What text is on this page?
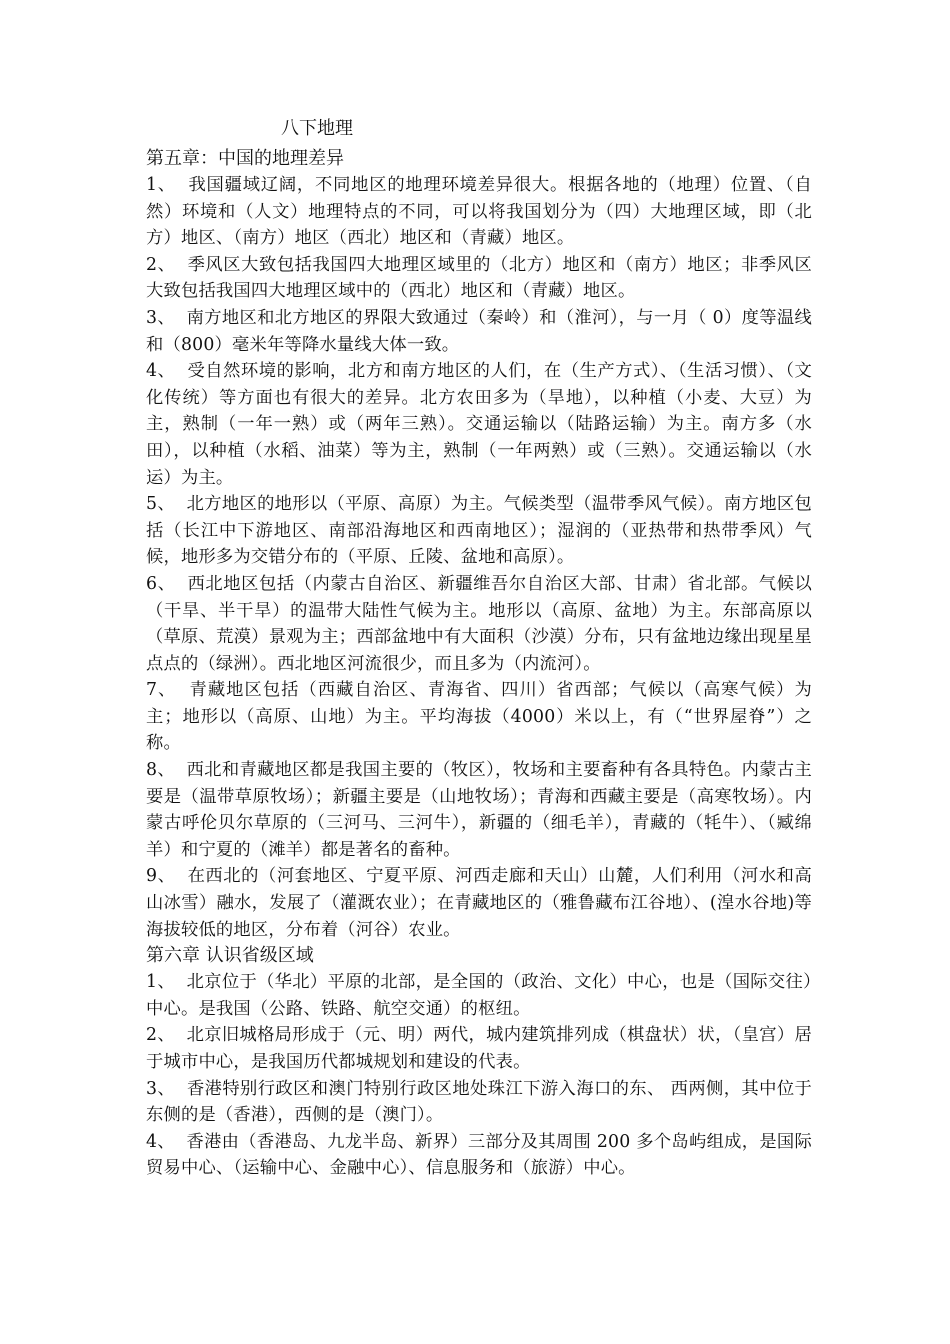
八下地理

第五章：中国的地理差异

1、 我国疆域辽阔，不同地区的地理环境差异很大。根据各地的（地理）位置、（自然）环境和（人文）地理特点的不同，可以将我国划分为（四）大地理区域，即（北方）地区、（南方）地区（西北）地区和（青藏）地区。

2、 季风区大致包括我国四大地理区域里的（北方）地区和（南方）地区；非季风区大致包括我国四大地理区域中的（西北）地区和（青藏）地区。

3、 南方地区和北方地区的界限大致通过（秦岭）和（淮河），与一月（ 0）度等温线和（800）毫米年等降水量线大体一致。

4、 受自然环境的影响，北方和南方地区的人们，在（生产方式）、（生活习惯）、（文化传统）等方面也有很大的差异。北方农田多为（旱地），以种植（小麦、大豆）为主，熟制（一年一熟）或（两年三熟）。交通运输以（陆路运输）为主。南方多（水田），以种植（水稻、油菜）等为主，熟制（一年两熟）或（三熟）。交通运输以（水运）为主。

5、 北方地区的地形以（平原、高原）为主。气候类型（温带季风气候）。南方地区包括（长江中下游地区、南部沿海地区和西南地区）；湿润的（亚热带和热带季风）气候，地形多为交错分布的（平原、丘陵、盆地和高原）。

6、 西北地区包括（内蒙古自治区、新疆维吾尔自治区大部、甘肃）省北部。气候以（干旱、半干旱）的温带大陆性气候为主。地形以（高原、盆地）为主。东部高原以（草原、荒漠）景观为主；西部盆地中有大面积（沙漠）分布，只有盆地边缘出现星星点点的（绿洲）。西北地区河流很少，而且多为（内流河）。

7、 青藏地区包括（西藏自治区、青海省、四川）省西部；气候以（高寒气候）为主；地形以（高原、山地）为主。平均海拔（4000）米以上，有（“世界屋脊”）之称。

8、 西北和青藏地区都是我国主要的（牧区），牧场和主要畜种有各具特色。内蒙古主要是（温带草原牧场）；新疆主要是（山地牧场）；青海和西藏主要是（高寒牧场）。内蒙古呼伦贝尔草原的（三河马、三河牛），新疆的（细毛羊），青藏的（牦牛）、（臧绵羊）和宁夏的（滩羊）都是著名的畜种。

9、 在西北的（河套地区、宁夏平原、河西走廊和天山）山麓，人们利用（河水和高山冰雪）融水，发展了（灌溉农业）；在青藏地区的（雅鲁藏布江谷地）、(湟水谷地)等海拔较低的地区，分布着（河谷）农业。

第六章 认识省级区域

1、 北京位于（华北）平原的北部，是全国的（政治、文化）中心，也是（国际交往）中心。是我国（公路、铁路、航空交通）的枢纽。

2、 北京旧城格局形成于（元、明）两代，城内建筑排列成（棋盘状）状，（皇宫）居于城市中心，是我国历代都城规划和建设的代表。

3、 香港特别行政区和澳门特别行政区地处珠江下游入海口的东、 西两侧，其中位于东侧的是（香港），西侧的是（澳门）。

4、 香港由（香港岛、九龙半岛、新界）三部分及其周围 200 多个岛屿组成，是国际贸易中心、（运输中心、金融中心）、信息服务和（旅游）中心。
